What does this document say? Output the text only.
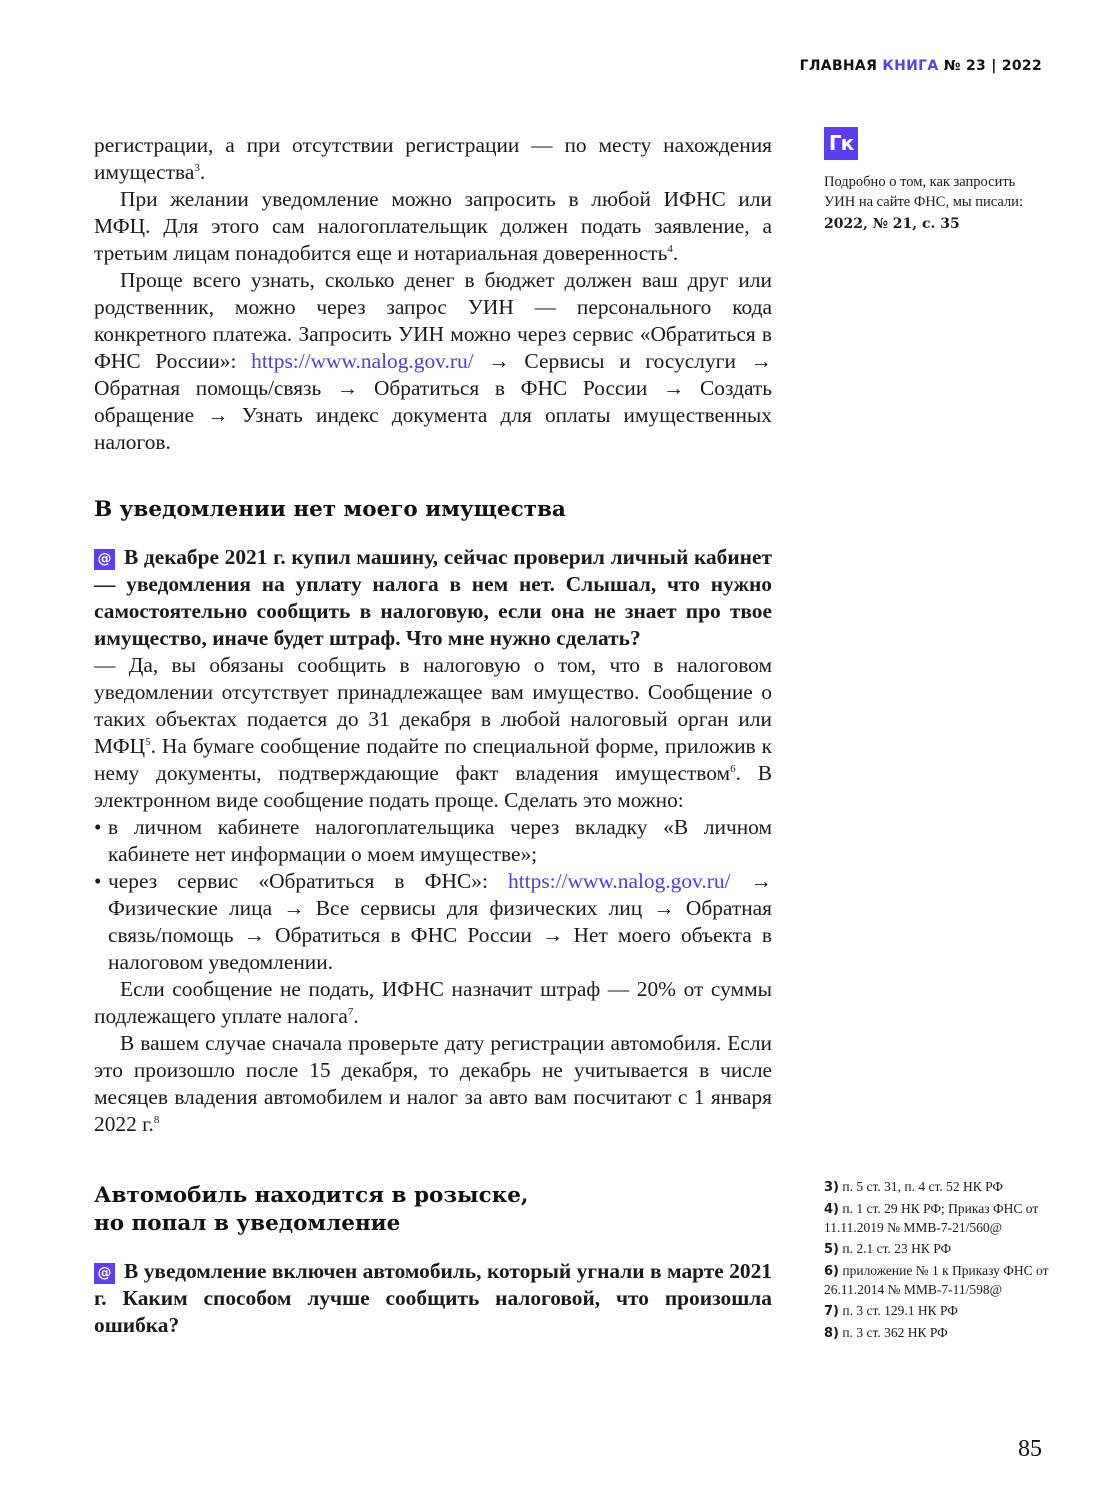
ГЛАВНАЯ КНИГА № 23 | 2022
Гк
Подробно о том, как запросить УИН на сайте ФНС, мы писали:
2022, № 21, с. 35

регистрации, а при отсутствии регистрации — по месту нахождения имущества$^3$.

При желании уведомление можно запросить в любой ИФНС или МФЦ. Для этого сам налогоплательщик должен подать заявление, а третьим лицам понадобится еще и нотариальная доверенность$^4$.

Проще всего узнать, сколько денег в бюджет должен ваш друг или родственник, можно через запрос УИН — персонального кода конкретного платежа. Запросить УИН можно через сервис «Обратиться в ФНС России»: https://www.nalog.gov.ru/ → Сервисы и госуслуги → Обратная помощь/связь → Обратиться в ФНС России → Создать обращение → Узнать индекс документа для оплаты имущественных налогов.

В уведомлении нет моего имущества

@ В декабре 2021 г. купил машину, сейчас проверил личный кабинет — уведомления на уплату налога в нем нет. Слышал, что нужно самостоятельно сообщить в налоговую, если она не знает про твое имущество, иначе будет штраф. Что мне нужно сделать?

— Да, вы обязаны сообщить в налоговую о том, что в налоговом уведомлении отсутствует принадлежащее вам имущество. Сообщение о таких объектах подается до 31 декабря в любой налоговый орган или МФЦ$^5$. На бумаге сообщение подайте по специальной форме, приложив к нему документы, подтверждающие факт владения имуществом$^6$. В электронном виде сообщение подать проще. Сделать это можно:

• в личном кабинете налогоплательщика через вкладку «В личном кабинете нет информации о моем имуществе»;
• через сервис «Обратиться в ФНС»: https://www.nalog.gov.ru/ → Физические лица → Все сервисы для физических лиц → Обратная связь/помощь → Обратиться в ФНС России → Нет моего объекта в налоговом уведомлении.

Если сообщение не подать, ИФНС назначит штраф — 20% от суммы подлежащего уплате налога$^7$.

В вашем случае сначала проверьте дату регистрации автомобиля. Если это произошло после 15 декабря, то декабрь не учитывается в числе месяцев владения автомобилем и налог за авто вам посчитают с 1 января 2022 г.$^8$

Автомобиль находится в розыске,
но попал в уведомление

@ В уведомление включен автомобиль, который угнали в марте 2021 г. Каким способом лучше сообщить налоговой, что произошла ошибка?

3) п. 5 ст. 31, п. 4 ст. 52 НК РФ
4) п. 1 ст. 29 НК РФ; Приказ ФНС от 11.11.2019 № ММВ-7-21/560@
5) п. 2.1 ст. 23 НК РФ
6) приложение № 1 к Приказу ФНС от 26.11.2014 № ММВ-7-11/598@
7) п. 3 ст. 129.1 НК РФ
8) п. 3 ст. 362 НК РФ
85
